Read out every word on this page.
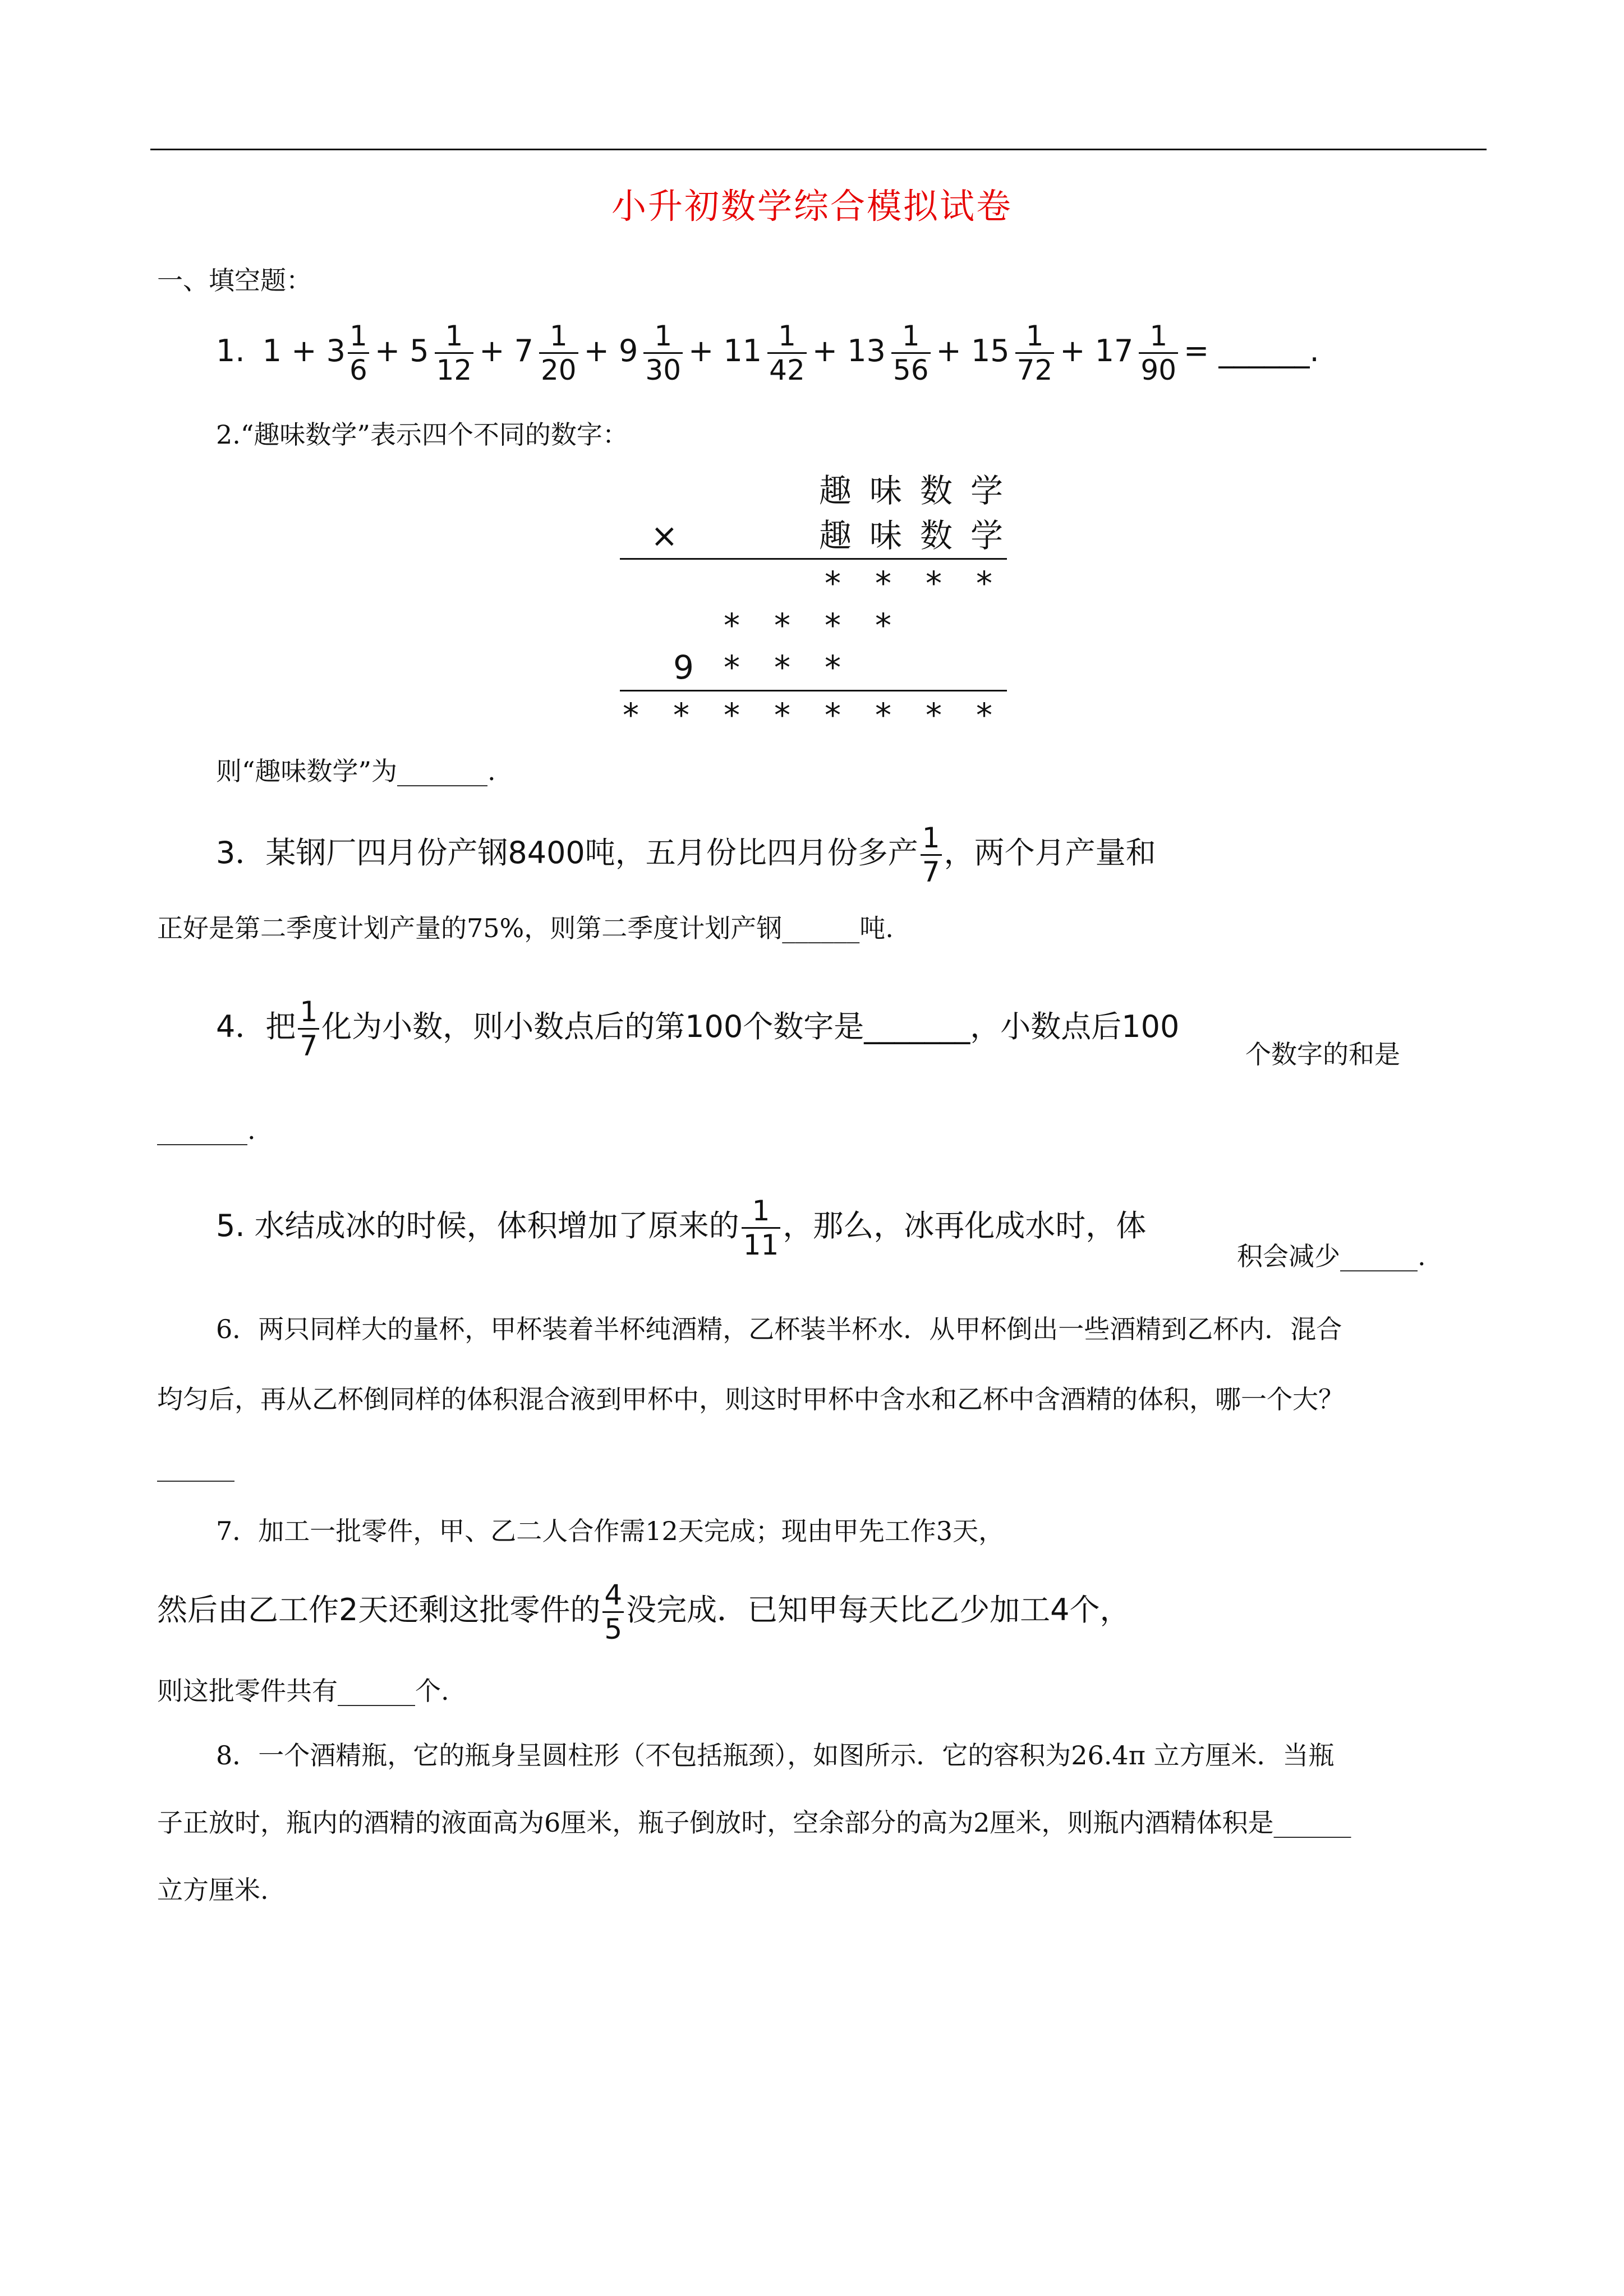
小升初数学综合模拟试卷
一、填空题：
1. $1 + 3 \frac{1}{6} + 5 \frac{1}{12} + 7 \frac{1}{20} + 9 \frac{1}{30} + 11 \frac{1}{42} + 13 \frac{1}{56} + 15 \frac{1}{72} + 17 \frac{1}{90}$ = ______.
2.“趣味数学”表示四个不同的数字：
趣 味 数 学
×	趣 味 数 学
* * * *
* * * *
9 * * *
* * * * * * * *
则“趣味数学”为_______.
3．某钢厂四月份产钢8400吨，五月份比四月份多产 $\frac{1}{7}$ ，两个月产量和
正好是第二季度计划产量的75%，则第二季度计划产钢______吨.
4．把 $\frac{1}{7}$ 化为小数，则小数点后的第100个数字是_______，小数点后100
个数字的和是
_______.
5. 水结成冰的时候，体积增加了原来的 $\frac{1}{11}$ ，那么，冰再化成水时，体
积会减少______.
6．两只同样大的量杯，甲杯装着半杯纯酒精，乙杯装半杯水．从甲杯倒出一些酒精到乙杯内．混合
均匀后，再从乙杯倒同样的体积混合液到甲杯中，则这时甲杯中含水和乙杯中含酒精的体积，哪一个大？
______
7．加工一批零件，甲、乙二人合作需12天完成；现由甲先工作3天，
然后由乙工作2天还剩这批零件的 $\frac{4}{5}$ 没完成．已知甲每天比乙少加工4个，
则这批零件共有______个.
8．一个酒精瓶，它的瓶身呈圆柱形（不包括瓶颈），如图所示．它的容积为26.4π 立方厘米．当瓶
子正放时，瓶内的酒精的液面高为6厘米，瓶子倒放时，空余部分的高为2厘米，则瓶内酒精体积是______
立方厘米.
